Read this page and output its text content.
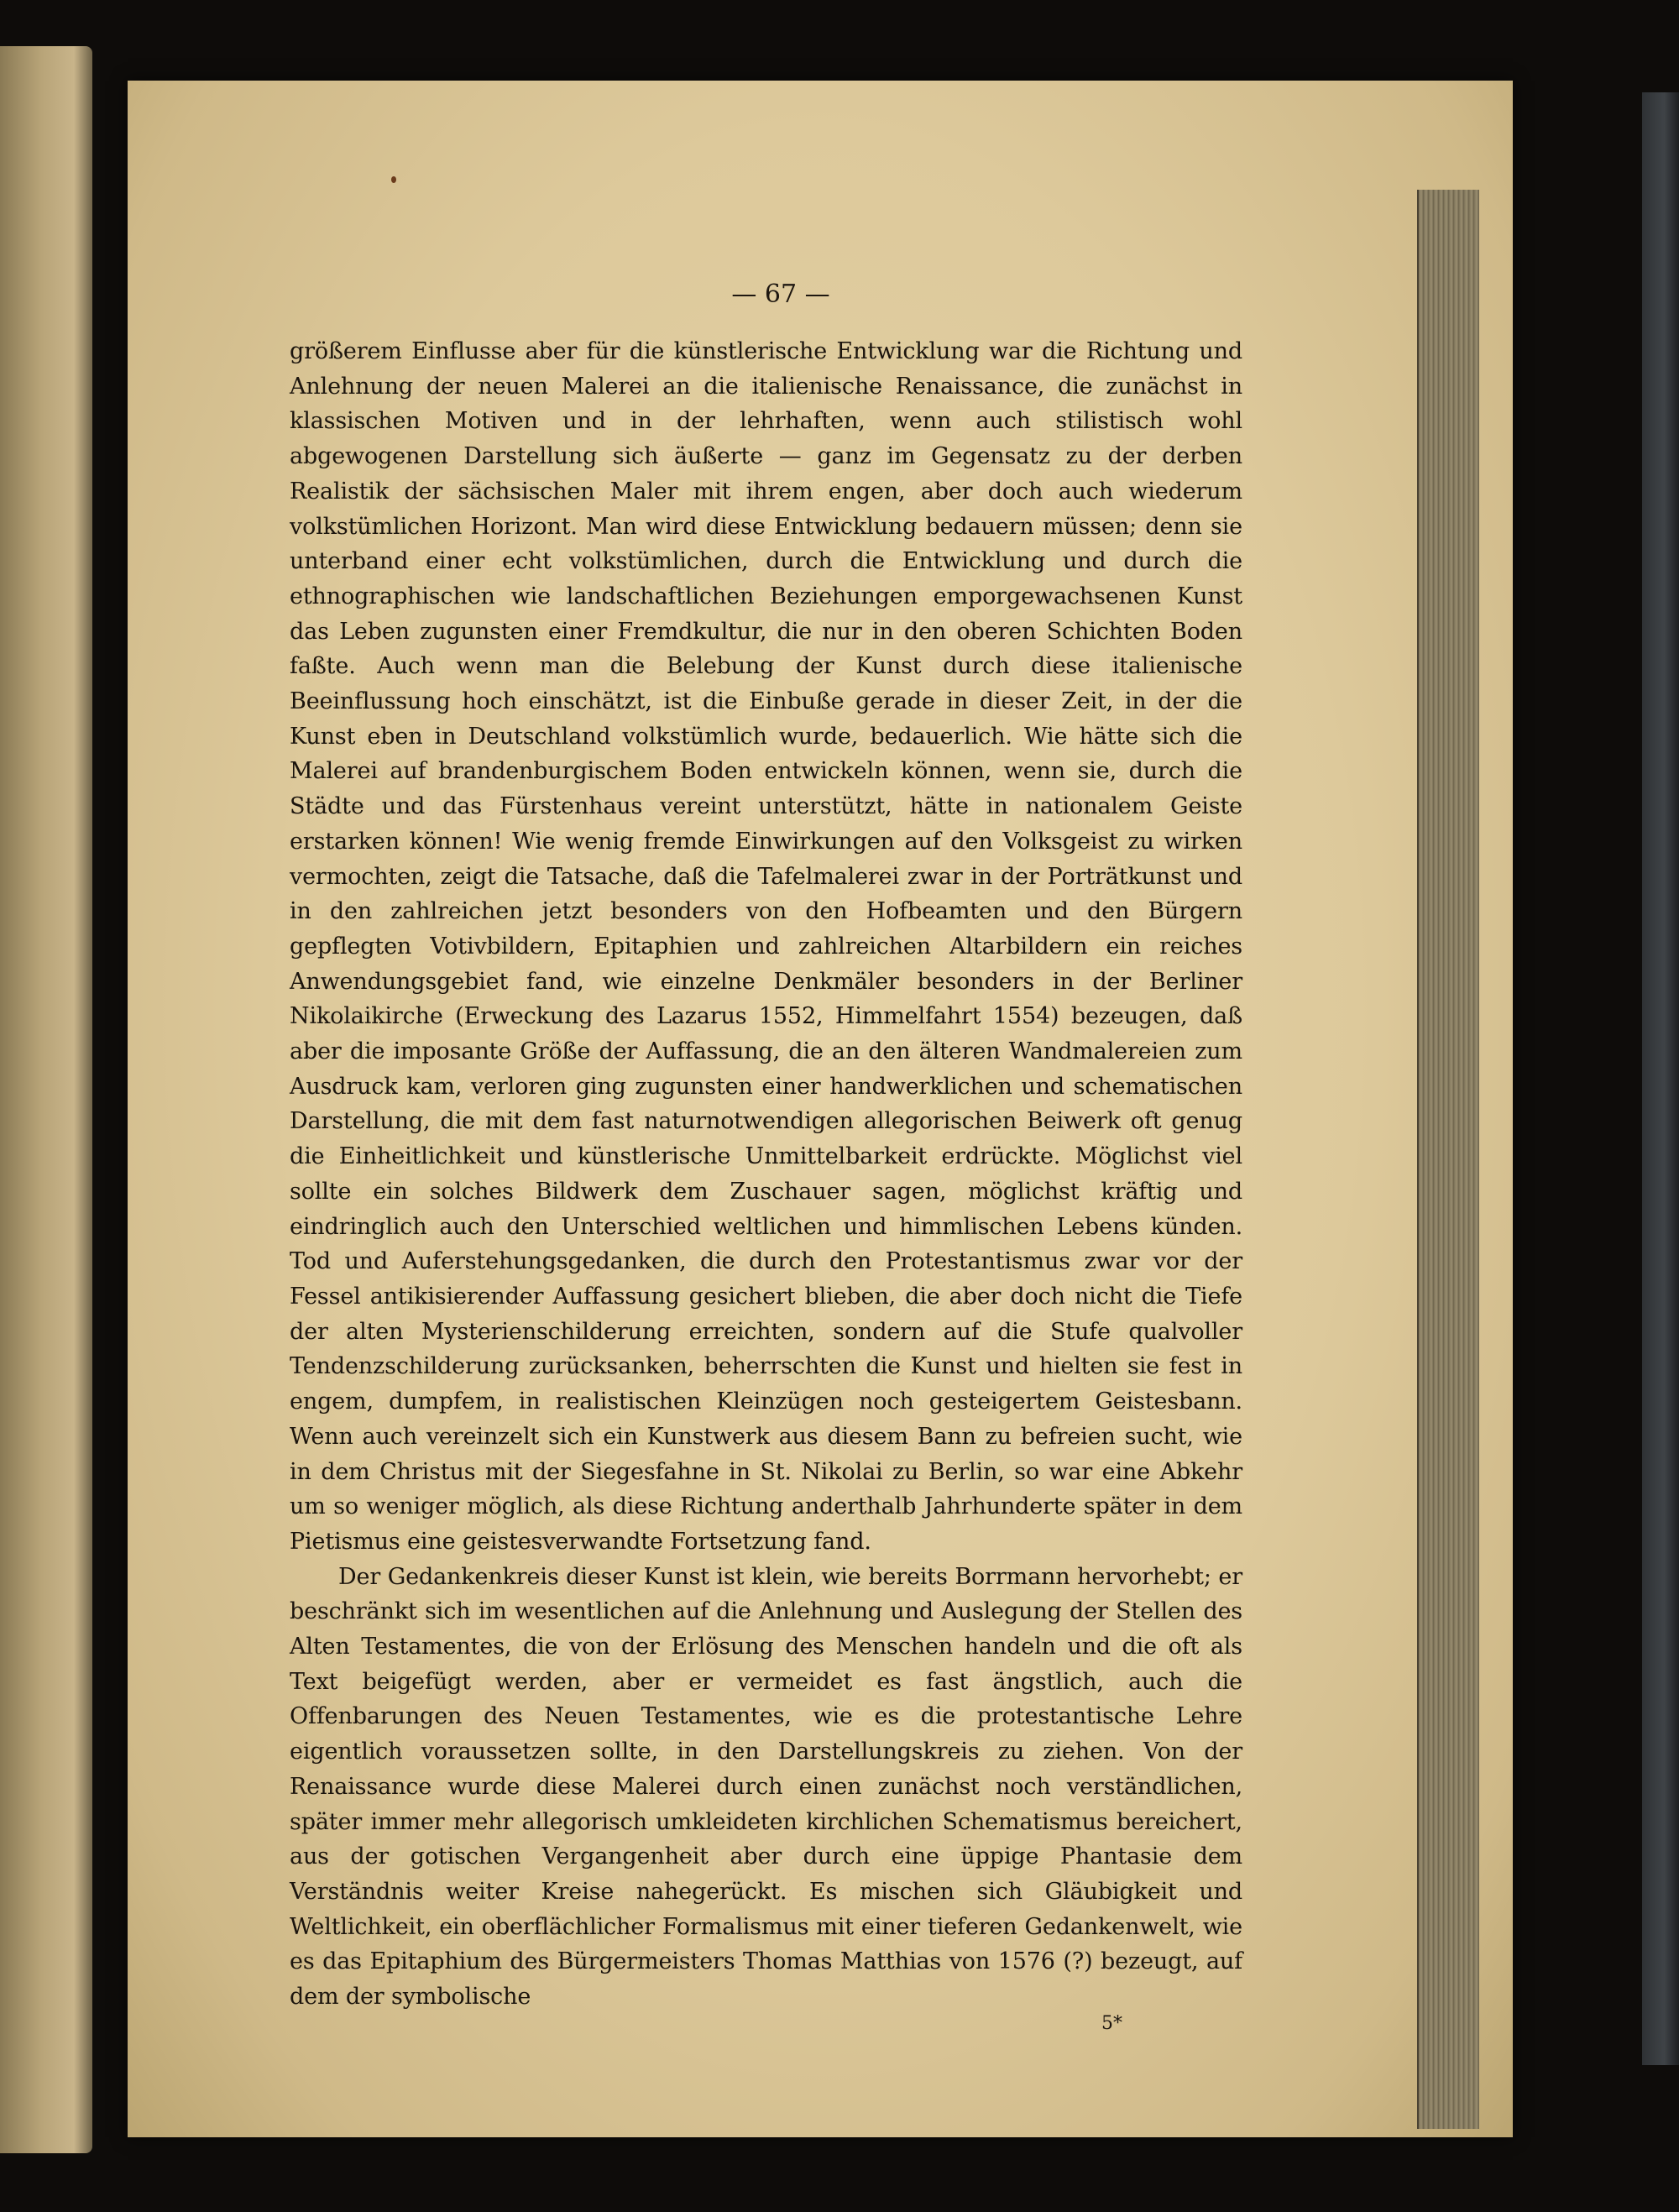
— 67 —

größerem Einflusse aber für die künstlerische Entwicklung war die Richtung und Anlehnung der neuen Malerei an die italienische Renaissance, die zunächst in klassischen Motiven und in der lehrhaften, wenn auch stilistisch wohl abgewogenen Darstellung sich äußerte — ganz im Gegensatz zu der derben Realistik der sächsischen Maler mit ihrem engen, aber doch auch wiederum volkstümlichen Horizont. Man wird diese Entwicklung bedauern müssen; denn sie unterband einer echt volkstümlichen, durch die Entwicklung und durch die ethnographischen wie landschaftlichen Beziehungen emporgewachsenen Kunst das Leben zugunsten einer Fremdkultur, die nur in den oberen Schichten Boden faßte. Auch wenn man die Belebung der Kunst durch diese italienische Beeinflussung hoch einschätzt, ist die Einbuße gerade in dieser Zeit, in der die Kunst eben in Deutschland volkstümlich wurde, bedauerlich. Wie hätte sich die Malerei auf brandenburgischem Boden entwickeln können, wenn sie, durch die Städte und das Fürstenhaus vereint unterstützt, hätte in nationalem Geiste erstarken können! Wie wenig fremde Einwirkungen auf den Volksgeist zu wirken vermochten, zeigt die Tatsache, daß die Tafelmalerei zwar in der Porträtkunst und in den zahlreichen jetzt besonders von den Hofbeamten und den Bürgern gepflegten Votivbildern, Epitaphien und zahlreichen Altarbildern ein reiches Anwendungsgebiet fand, wie einzelne Denkmäler besonders in der Berliner Nikolaikirche (Erweckung des Lazarus 1552, Himmelfahrt 1554) bezeugen, daß aber die imposante Größe der Auffassung, die an den älteren Wandmalereien zum Ausdruck kam, verloren ging zugunsten einer handwerklichen und schematischen Darstellung, die mit dem fast naturnotwendigen allegorischen Beiwerk oft genug die Einheitlichkeit und künstlerische Unmittelbarkeit erdrückte. Möglichst viel sollte ein solches Bildwerk dem Zuschauer sagen, möglichst kräftig und eindringlich auch den Unterschied weltlichen und himmlischen Lebens künden. Tod und Auferstehungsgedanken, die durch den Protestantismus zwar vor der Fessel antikisierender Auffassung gesichert blieben, die aber doch nicht die Tiefe der alten Mysterienschilderung erreichten, sondern auf die Stufe qualvoller Tendenzschilderung zurücksanken, beherrschten die Kunst und hielten sie fest in engem, dumpfem, in realistischen Kleinzügen noch gesteigertem Geistesbann. Wenn auch vereinzelt sich ein Kunstwerk aus diesem Bann zu befreien sucht, wie in dem Christus mit der Siegesfahne in St. Nikolai zu Berlin, so war eine Abkehr um so weniger möglich, als diese Richtung anderthalb Jahrhunderte später in dem Pietismus eine geistesverwandte Fortsetzung fand.

Der Gedankenkreis dieser Kunst ist klein, wie bereits Borrmann hervorhebt; er beschränkt sich im wesentlichen auf die Anlehnung und Auslegung der Stellen des Alten Testamentes, die von der Erlösung des Menschen handeln und die oft als Text beigefügt werden, aber er vermeidet es fast ängstlich, auch die Offenbarungen des Neuen Testamentes, wie es die protestantische Lehre eigentlich voraussetzen sollte, in den Darstellungskreis zu ziehen. Von der Renaissance wurde diese Malerei durch einen zunächst noch verständlichen, später immer mehr allegorisch umkleideten kirchlichen Schematismus bereichert, aus der gotischen Vergangenheit aber durch eine üppige Phantasie dem Verständnis weiter Kreise nahegerückt. Es mischen sich Gläubigkeit und Weltlichkeit, ein oberflächlicher Formalismus mit einer tieferen Gedankenwelt, wie es das Epitaphium des Bürgermeisters Thomas Matthias von 1576 (?) bezeugt, auf dem der symbolische

5*
